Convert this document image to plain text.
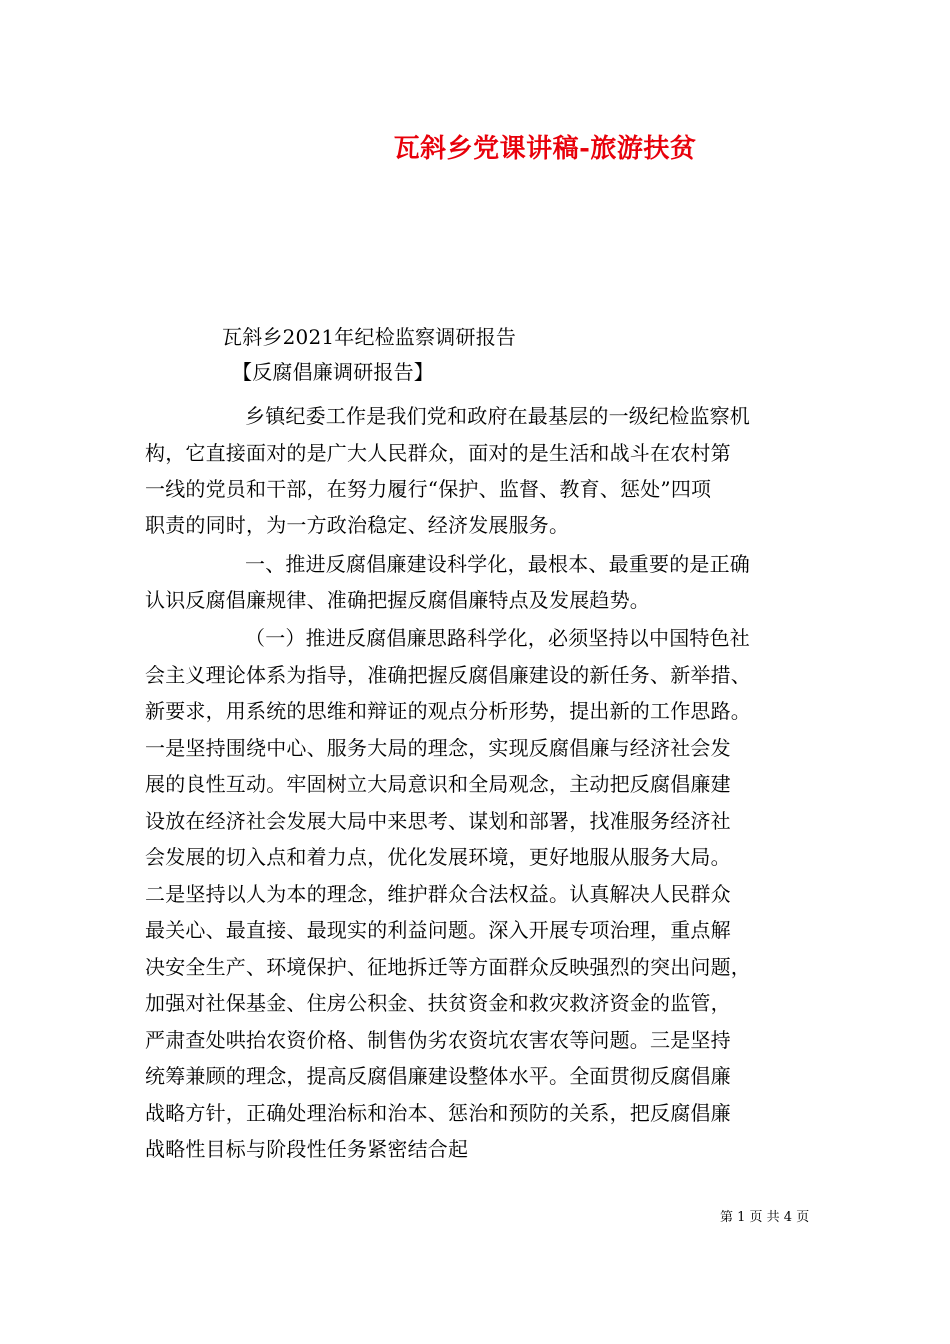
瓦斜乡党课讲稿-旅游扶贫
瓦斜乡2021年纪检监察调研报告
【反腐倡廉调研报告】
乡镇纪委工作是我们党和政府在最基层的一级纪检监察机
构，它直接面对的是广大人民群众，面对的是生活和战斗在农村第
一线的党员和干部，在努力履行“保护、监督、教育、惩处”四项
职责的同时，为一方政治稳定、经济发展服务。
一、推进反腐倡廉建设科学化，最根本、最重要的是正确
认识反腐倡廉规律、准确把握反腐倡廉特点及发展趋势。
（一）推进反腐倡廉思路科学化，必须坚持以中国特色社
会主义理论体系为指导，准确把握反腐倡廉建设的新任务、新举措、
新要求，用系统的思维和辩证的观点分析形势，提出新的工作思路。
一是坚持围绕中心、服务大局的理念，实现反腐倡廉与经济社会发
展的良性互动。牢固树立大局意识和全局观念，主动把反腐倡廉建
设放在经济社会发展大局中来思考、谋划和部署，找准服务经济社
会发展的切入点和着力点，优化发展环境，更好地服从服务大局。
二是坚持以人为本的理念，维护群众合法权益。认真解决人民群众
最关心、最直接、最现实的利益问题。深入开展专项治理，重点解
决安全生产、环境保护、征地拆迁等方面群众反映强烈的突出问题，
加强对社保基金、住房公积金、扶贫资金和救灾救济资金的监管，
严肃查处哄抬农资价格、制售伪劣农资坑农害农等问题。三是坚持
统筹兼顾的理念，提高反腐倡廉建设整体水平。全面贯彻反腐倡廉
战略方针，正确处理治标和治本、惩治和预防的关系，把反腐倡廉
战略性目标与阶段性任务紧密结合起
第 1 页 共 4 页
